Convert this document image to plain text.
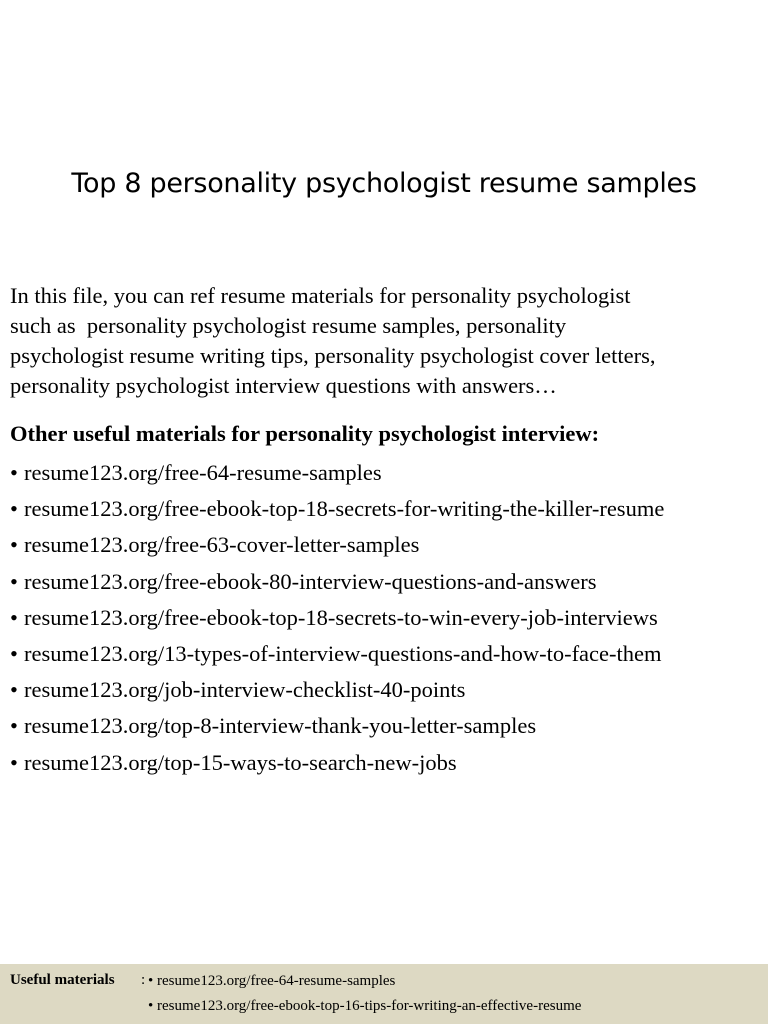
Top 8 personality psychologist resume samples
In this file, you can ref resume materials for personality psychologist
such as  personality psychologist resume samples, personality
psychologist resume writing tips, personality psychologist cover letters,
personality psychologist interview questions with answers…
Other useful materials for personality psychologist interview:
• resume123.org/free-64-resume-samples
• resume123.org/free-ebook-top-18-secrets-for-writing-the-killer-resume
• resume123.org/free-63-cover-letter-samples
• resume123.org/free-ebook-80-interview-questions-and-answers
• resume123.org/free-ebook-top-18-secrets-to-win-every-job-interviews
• resume123.org/13-types-of-interview-questions-and-how-to-face-them
• resume123.org/job-interview-checklist-40-points
• resume123.org/top-8-interview-thank-you-letter-samples
• resume123.org/top-15-ways-to-search-new-jobs
Useful materials : • resume123.org/free-64-resume-samples
• resume123.org/free-ebook-top-16-tips-for-writing-an-effective-resume
